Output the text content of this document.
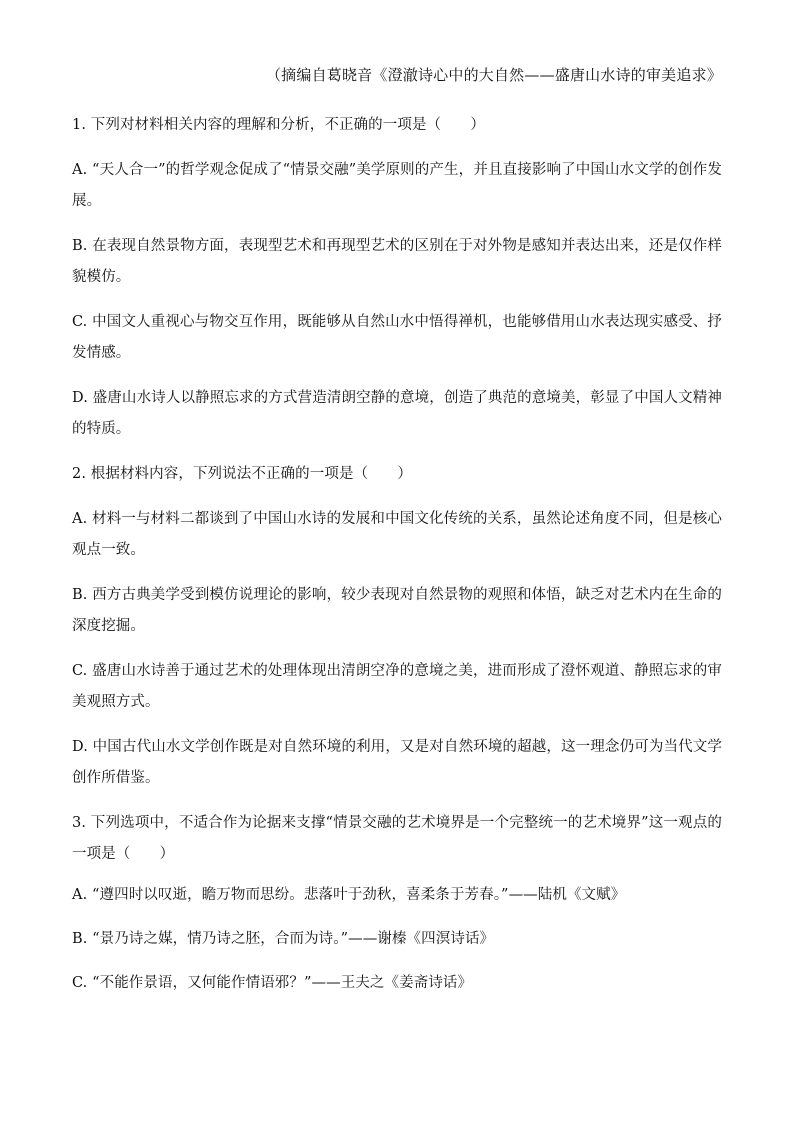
（摘编自葛晓音《澄澈诗心中的大自然——盛唐山水诗的审美追求》

1. 下列对材料相关内容的理解和分析，不正确的一项是（　　）

A. “天人合一”的哲学观念促成了“情景交融”美学原则的产生，并且直接影响了中国山水文学的创作发展。

B. 在表现自然景物方面，表现型艺术和再现型艺术的区别在于对外物是感知并表达出来，还是仅作样貌模仿。

C. 中国文人重视心与物交互作用，既能够从自然山水中悟得禅机，也能够借用山水表达现实感受、抒发情感。

D. 盛唐山水诗人以静照忘求的方式营造清朗空静的意境，创造了典范的意境美，彰显了中国人文精神的特质。

2. 根据材料内容，下列说法不正确的一项是（　　）

A. 材料一与材料二都谈到了中国山水诗的发展和中国文化传统的关系，虽然论述角度不同，但是核心观点一致。

B. 西方古典美学受到模仿说理论的影响，较少表现对自然景物的观照和体悟，缺乏对艺术内在生命的深度挖掘。

C. 盛唐山水诗善于通过艺术的处理体现出清朗空净的意境之美，进而形成了澄怀观道、静照忘求的审美观照方式。

D. 中国古代山水文学创作既是对自然环境的利用，又是对自然环境的超越，这一理念仍可为当代文学创作所借鉴。

3. 下列选项中，不适合作为论据来支撑“情景交融的艺术境界是一个完整统一的艺术境界”这一观点的一项是（　　）

A. “遵四时以叹逝，瞻万物而思纷。悲落叶于劲秋，喜柔条于芳春。”——陆机《文赋》

B. “景乃诗之媒，情乃诗之胚，合而为诗。”——谢榛《四溟诗话》

C. “不能作景语，又何能作情语邪？”——王夫之《姜斋诗话》
